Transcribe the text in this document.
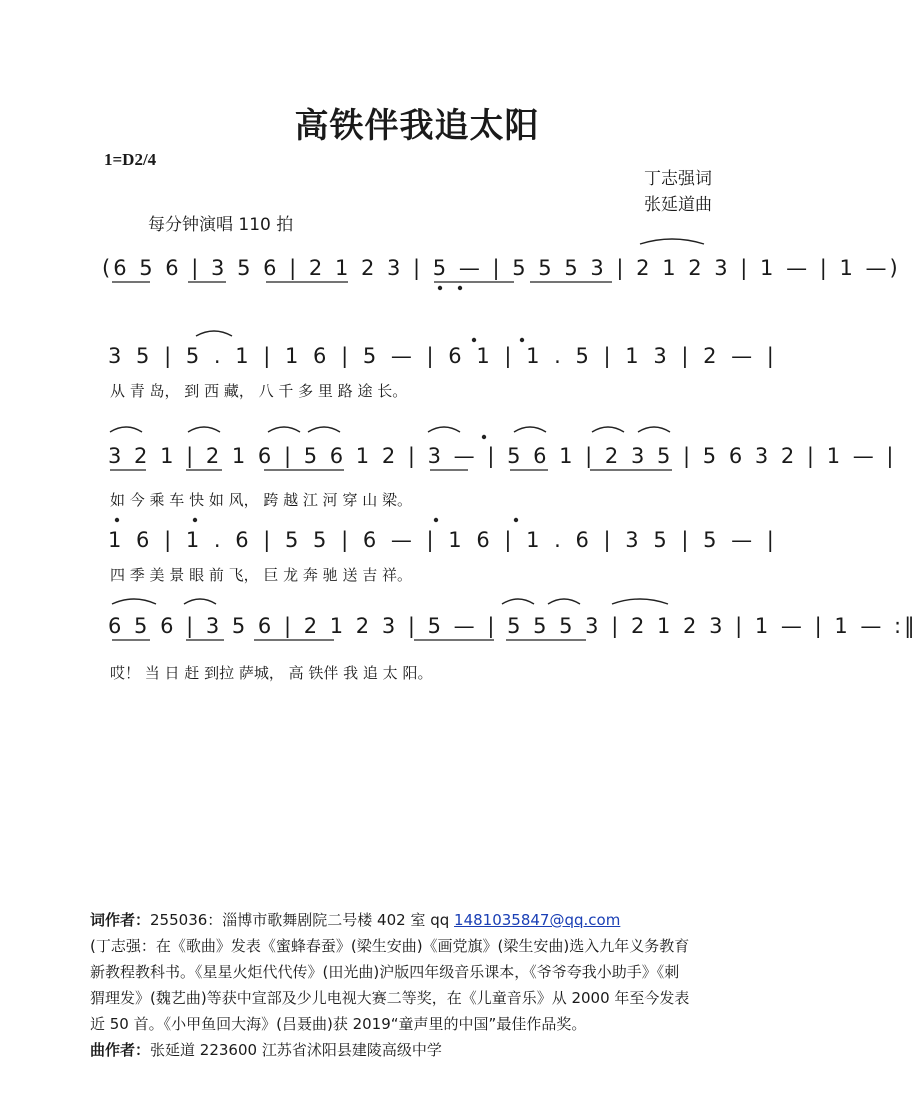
高铁伴我追太阳
1=D2/4
丁志强词
张延道曲
每分钟演唱 110 拍
(6 5 6 | 3 5 6 | 2 1 2 3 | 5 — | 5 5 5 3 | 2 1 2 3 | 1 — | 1 —)
3 5 | 5 . 1 | 1 6 | 5 — | 6 1 | 1 . 5 | 1 3 | 2 — |
从 青 岛， 到 西 藏， 八 千 多 里 路 途 长。
3 2 1 | 2 1 6 | 5 6 1 2 | 3 — | 5 6 1 | 2 3 5 | 5 6 3 2 | 1 — |
如 今 乘 车 快 如 风， 跨 越 江 河 穿 山 梁。
1 6 | 1 . 6 | 5 5 | 6 — | 1 6 | 1 . 6 | 3 5 | 5 — |
四 季 美 景 眼 前 飞， 巨 龙 奔 驰 送 吉 祥。
6 5 6 | 3 5 6 | 2 1 2 3 | 5 — | 5 5 5 3 | 2 1 2 3 | 1 — | 1 — :‖
哎！ 当 日 赶 到拉 萨城， 高 铁伴 我 追 太 阳。
词作者：255036：淄博市歌舞剧院二号楼 402 室 qq 1481035847@qq.com
(丁志强：在《歌曲》发表《蜜蜂春蚕》(梁生安曲)《画党旗》(梁生安曲)选入九年义务教育
新教程教科书。《星星火炬代代传》(田光曲)沪版四年级音乐课本，《爷爷夸我小助手》《刺
猬理发》(魏艺曲)等获中宣部及少儿电视大赛二等奖，在《儿童音乐》从 2000 年至今发表
近 50 首。《小甲鱼回大海》(吕聂曲)获 2019“童声里的中国”最佳作品奖。
曲作者：张延道 223600 江苏省沭阳县建陵高级中学
